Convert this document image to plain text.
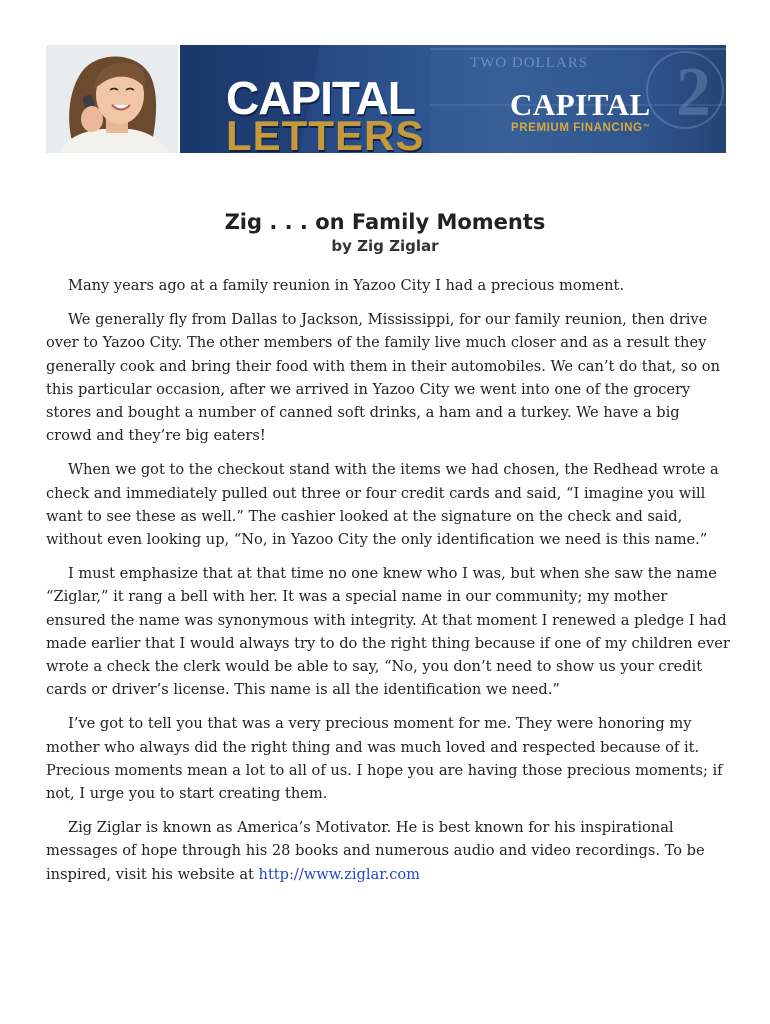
2
TWO DOLLARS
CAPITAL
LETTERS
CAPITAL
PREMIUM FINANCING™
Zig . . . on Family Moments
by Zig Ziglar

Many years ago at a family reunion in Yazoo City I had a precious moment.

We generally fly from Dallas to Jackson, Mississippi, for our family reunion, then drive over to Yazoo City. The other members of the family live much closer and as a result they generally cook and bring their food with them in their automobiles. We can’t do that, so on this particular occasion, after we arrived in Yazoo City we went into one of the grocery stores and bought a number of canned soft drinks, a ham and a turkey. We have a big crowd and they’re big eaters!

When we got to the checkout stand with the items we had chosen, the Redhead wrote a check and immediately pulled out three or four credit cards and said, “I imagine you will want to see these as well.” The cashier looked at the signature on the check and said, without even looking up, “No, in Yazoo City the only identification we need is this name.”

I must emphasize that at that time no one knew who I was, but when she saw the name “Ziglar,” it rang a bell with her. It was a special name in our community; my mother ensured the name was synonymous with integrity. At that moment I renewed a pledge I had made earlier that I would always try to do the right thing because if one of my children ever wrote a check the clerk would be able to say, “No, you don’t need to show us your credit cards or driver’s license. This name is all the identification we need.”

I’ve got to tell you that was a very precious moment for me. They were honoring my mother who always did the right thing and was much loved and respected because of it. Precious moments mean a lot to all of us. I hope you are having those precious moments; if not, I urge you to start creating them.

Zig Ziglar is known as America’s Motivator. He is best known for his inspirational messages of hope through his 28 books and numerous audio and video recordings. To be inspired, visit his website at http://www.ziglar.com
